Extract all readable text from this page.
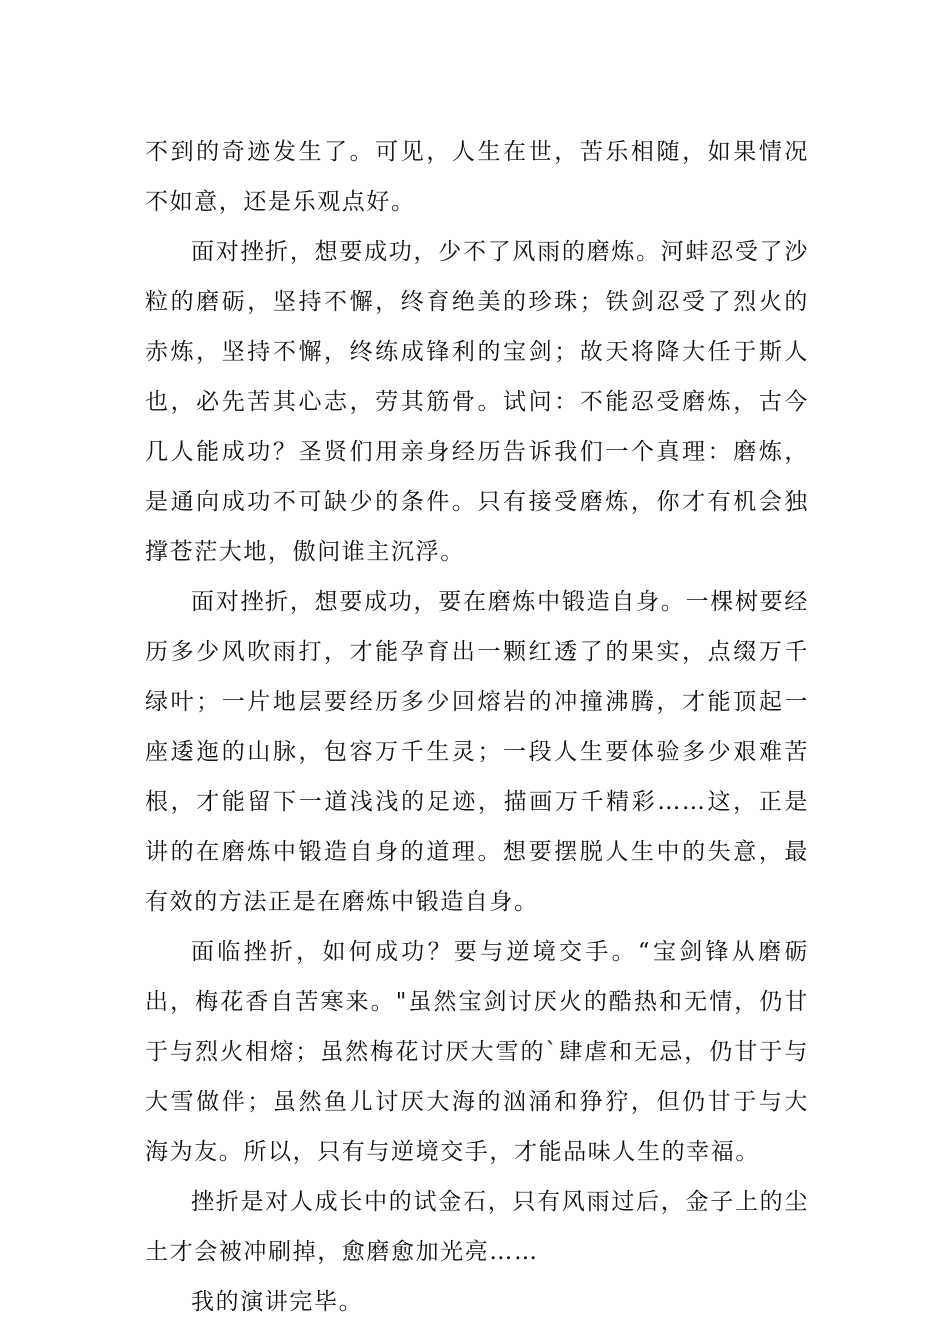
不到的奇迹发生了。可见，人生在世，苦乐相随，如果情况不如意，还是乐观点好。

面对挫折，想要成功，少不了风雨的磨炼。河蚌忍受了沙粒的磨砺，坚持不懈，终育绝美的珍珠；铁剑忍受了烈火的赤炼，坚持不懈，终练成锋利的宝剑；故天将降大任于斯人也，必先苦其心志，劳其筋骨。试问：不能忍受磨炼，古今几人能成功？圣贤们用亲身经历告诉我们一个真理：磨炼，是通向成功不可缺少的条件。只有接受磨炼，你才有机会独撑苍茫大地，傲问谁主沉浮。

面对挫折，想要成功，要在磨炼中锻造自身。一棵树要经历多少风吹雨打，才能孕育出一颗红透了的果实，点缀万千绿叶；一片地层要经历多少回熔岩的冲撞沸腾，才能顶起一座逶迤的山脉，包容万千生灵；一段人生要体验多少艰难苦根，才能留下一道浅浅的足迹，描画万千精彩……这，正是讲的在磨炼中锻造自身的道理。想要摆脱人生中的失意，最有效的方法正是在磨炼中锻造自身。

面临挫折，如何成功？要与逆境交手。“宝剑锋从磨砺出，梅花香自苦寒来。"虽然宝剑讨厌火的酷热和无情，仍甘于与烈火相熔；虽然梅花讨厌大雪的`肆虐和无忌，仍甘于与大雪做伴；虽然鱼儿讨厌大海的汹涌和狰狞，但仍甘于与大海为友。所以，只有与逆境交手，才能品味人生的幸福。

挫折是对人成长中的试金石，只有风雨过后，金子上的尘土才会被冲刷掉，愈磨愈加光亮……

我的演讲完毕。
